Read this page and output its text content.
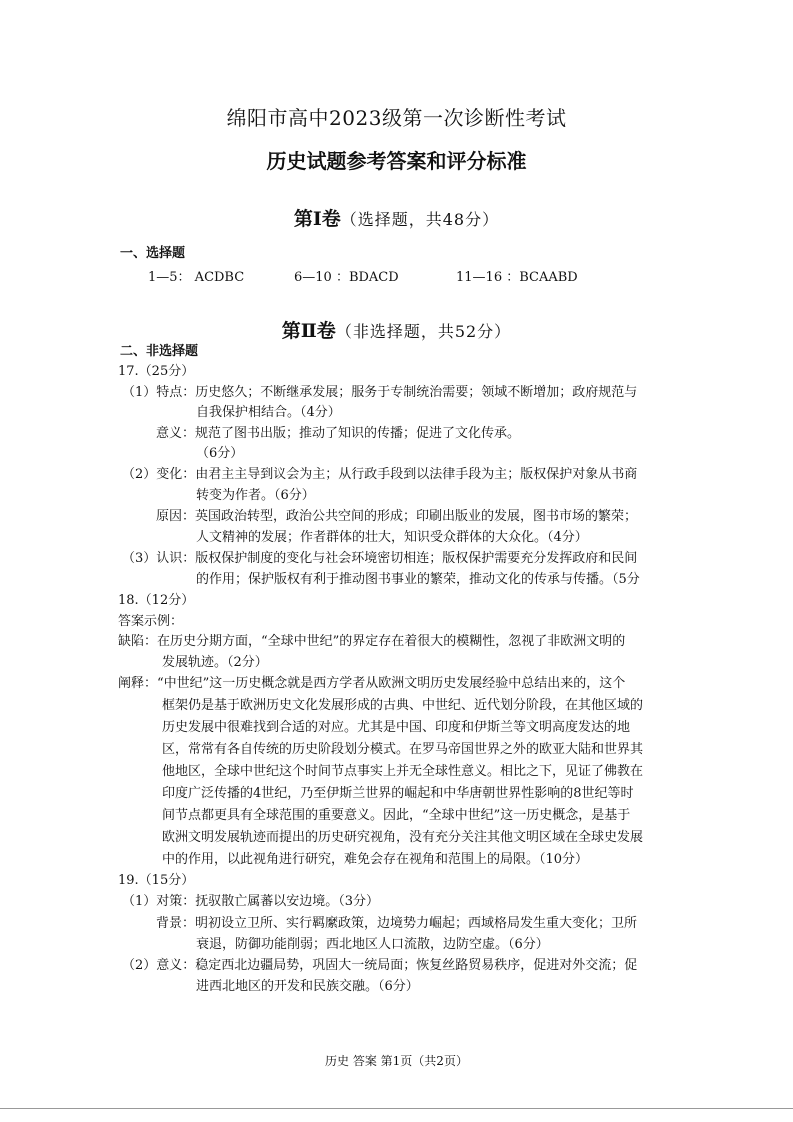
绵阳市高中2023级第一次诊断性考试
历史试题参考答案和评分标准
第Ⅰ卷（选择题，共48分）
一、选择题
1—5： ACDBC	6—10 ：BDACD	11—16 ：BCAABD
第Ⅱ卷（非选择题，共52分）
二、非选择题
17.（25分）
（1）特点：历史悠久；不断继承发展；服务于专制统治需要；领域不断增加；政府规范与
自我保护相结合。（4分）
意义：规范了图书出版；推动了知识的传播；促进了文化传承。
（6分）
（2）变化：由君主主导到议会为主；从行政手段到以法律手段为主；版权保护对象从书商
转变为作者。（6分）
原因：英国政治转型，政治公共空间的形成；印刷出版业的发展，图书市场的繁荣；
人文精神的发展；作者群体的壮大，知识受众群体的大众化。（4分）
（3）认识：版权保护制度的变化与社会环境密切相连；版权保护需要充分发挥政府和民间
的作用；保护版权有利于推动图书事业的繁荣，推动文化的传承与传播。（5分
18.（12分）
答案示例：
缺陷：在历史分期方面，“全球中世纪”的界定存在着很大的模糊性，忽视了非欧洲文明的
发展轨迹。（2分）
阐释：“中世纪”这一历史概念就是西方学者从欧洲文明历史发展经验中总结出来的，这个
框架仍是基于欧洲历史文化发展形成的古典、中世纪、近代划分阶段，在其他区域的
历史发展中很难找到合适的对应。尤其是中国、印度和伊斯兰等文明高度发达的地
区，常常有各自传统的历史阶段划分模式。在罗马帝国世界之外的欧亚大陆和世界其
他地区，全球中世纪这个时间节点事实上并无全球性意义。相比之下，见证了佛教在
印度广泛传播的4世纪，乃至伊斯兰世界的崛起和中华唐朝世界性影响的8世纪等时
间节点都更具有全球范围的重要意义。因此，“全球中世纪”这一历史概念，是基于
欧洲文明发展轨迹而提出的历史研究视角，没有充分关注其他文明区域在全球史发展
中的作用，以此视角进行研究，难免会存在视角和范围上的局限。（10分）
19.（15分）
（1）对策：抚驭散亡属蕃以安边境。（3分）
背景：明初设立卫所、实行羁縻政策，边境势力崛起；西域格局发生重大变化；卫所
衰退，防御功能削弱；西北地区人口流散，边防空虚。（6分）
（2）意义：稳定西北边疆局势，巩固大一统局面；恢复丝路贸易秩序，促进对外交流；促
进西北地区的开发和民族交融。（6分）
历史 答案 第1页（共2页）
